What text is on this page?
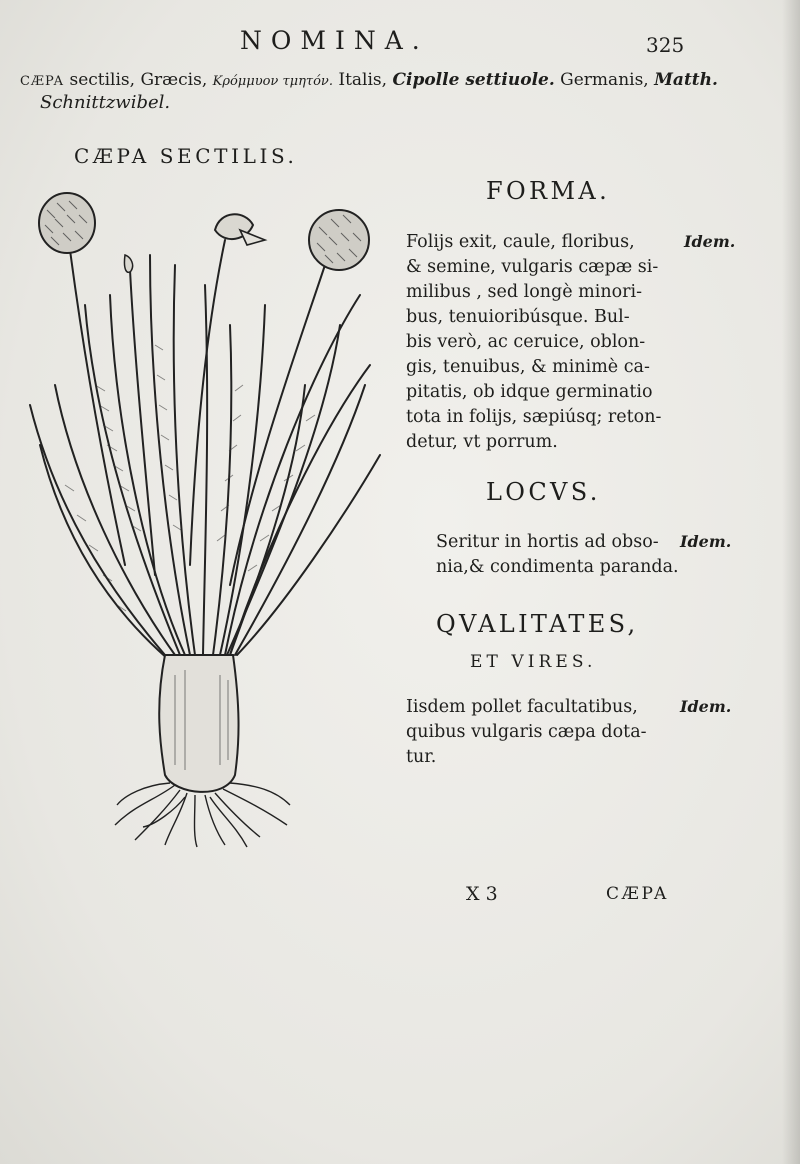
NOMINA.	325
CÆPA sectilis, Græcis, Κρόμμυον τμητόν. Italis, Cipolle settiuole. Germanis, Matth.
Schnittzwibel.
CÆPA SECTILIS.
FORMA.
Folijs exit, caule, floribus,
& semine, vulgaris cæpæ si-
milibus , sed longè minori-
bus, tenuioribúsque. Bul-
bis verò, ac ceruice, oblon-
gis, tenuibus, & minimè ca-
pitatis, ob idque germinatio
tota in folijs, sæpiúsq; reton-
detur, vt porrum.
Idem.
LOCVS.
Seritur in hortis ad obso-
nia,& condimenta paranda.
Idem.
QVALITATES,
ET VIRES.
Iisdem pollet facultatibus,
quibus vulgaris cæpa dota-
tur.
Idem.
X 3	CÆPA
